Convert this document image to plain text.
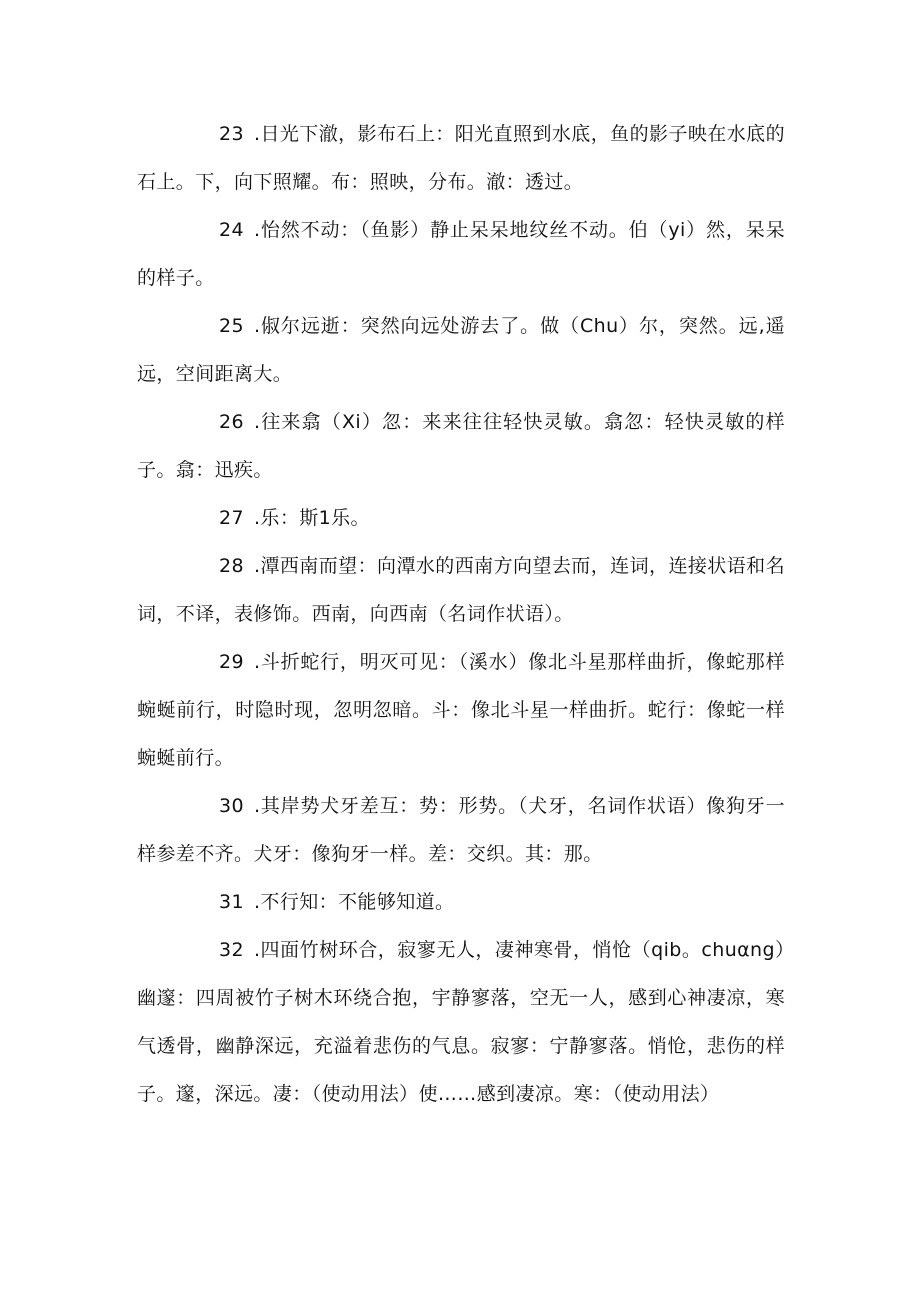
23 .日光下澈，影布石上：阳光直照到水底，鱼的影子映在水底的石上。下，向下照耀。布：照映，分布。澈：透过。

24 .怡然不动：（鱼影）静止呆呆地纹丝不动。伯（yi）然，呆呆的样子。

25 .俶尔远逝：突然向远处游去了。做（Chu）尔，突然。远,遥远，空间距离大。

26 .往来翕（Xi）忽：来来往往轻快灵敏。翕忽：轻快灵敏的样子。翕：迅疾。

27 .乐：斯1乐。

28 .潭西南而望：向潭水的西南方向望去而，连词，连接状语和名词，不译，表修饰。西南，向西南（名词作状语）。

29 .斗折蛇行，明灭可见：（溪水）像北斗星那样曲折，像蛇那样蜿蜒前行，时隐时现，忽明忽暗。斗：像北斗星一样曲折。蛇行：像蛇一样蜿蜒前行。

30 .其岸势犬牙差互：势：形势。（犬牙，名词作状语）像狗牙一样参差不齐。犬牙：像狗牙一样。差：交织。其：那。

31 .不行知：不能够知道。

32 .四面竹树环合，寂寥无人，凄神寒骨，悄怆（qib。chuαng）幽邃：四周被竹子树木环绕合抱，宇静寥落，空无一人，感到心神凄凉，寒气透骨，幽静深远，充溢着悲伤的气息。寂寥：宁静寥落。悄怆，悲伤的样子。邃，深远。凄：（使动用法）使……感到凄凉。寒：（使动用法）
